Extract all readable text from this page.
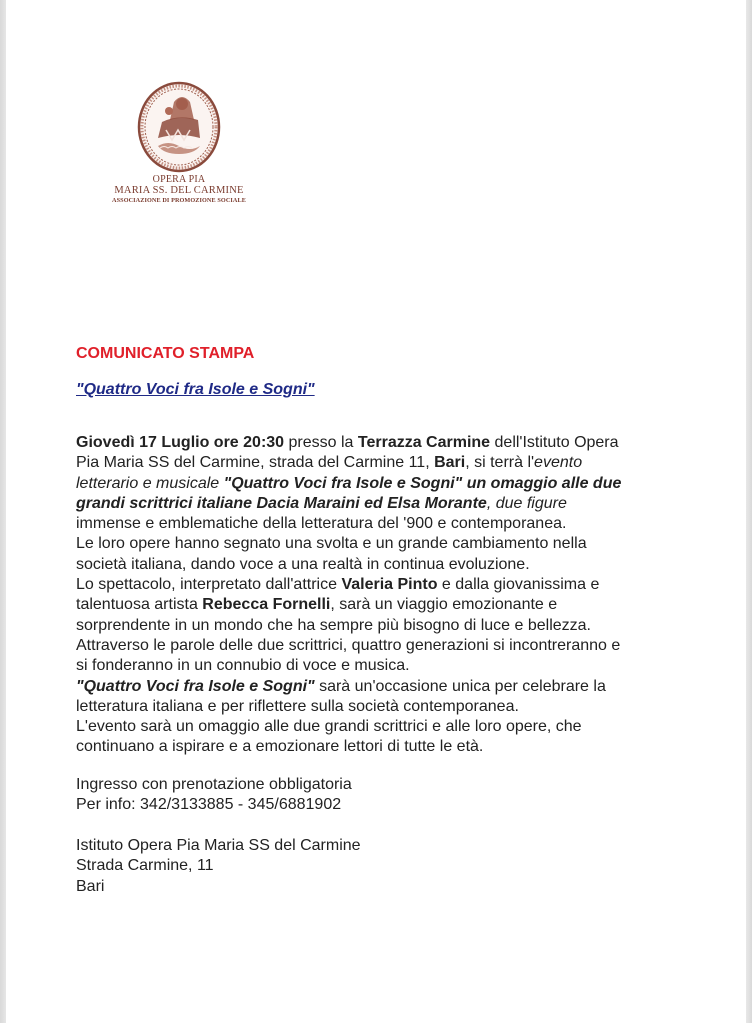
OPERA PIA
MARIA SS. DEL CARMINE
ASSOCIAZIONE DI PROMOZIONE SOCIALE
COMUNICATO STAMPA
"Quattro Voci fra Isole e Sogni"
Giovedì 17 Luglio ore 20:30 presso la Terrazza Carmine dell'Istituto Opera
Pia Maria SS del Carmine, strada del Carmine 11, Bari, si terrà l'evento
letterario e musicale "Quattro Voci fra Isole e Sogni" un omaggio alle due
grandi scrittrici italiane Dacia Maraini ed Elsa Morante, due figure
immense e emblematiche della letteratura del '900 e contemporanea.
Le loro opere hanno segnato una svolta e un grande cambiamento nella
società italiana, dando voce a una realtà in continua evoluzione.
Lo spettacolo, interpretato dall'attrice Valeria Pinto e dalla giovanissima e
talentuosa artista Rebecca Fornelli, sarà un viaggio emozionante e
sorprendente in un mondo che ha sempre più bisogno di luce e bellezza.
Attraverso le parole delle due scrittrici, quattro generazioni si incontreranno e
si fonderanno in un connubio di voce e musica.
"Quattro Voci fra Isole e Sogni" sarà un'occasione unica per celebrare la
letteratura italiana e per riflettere sulla società contemporanea.
L'evento sarà un omaggio alle due grandi scrittrici e alle loro opere, che
continuano a ispirare e a emozionare lettori di tutte le età.
Ingresso con prenotazione obbligatoria
Per info: 342/3133885 - 345/6881902
Istituto Opera Pia Maria SS del Carmine
Strada Carmine, 11
Bari
